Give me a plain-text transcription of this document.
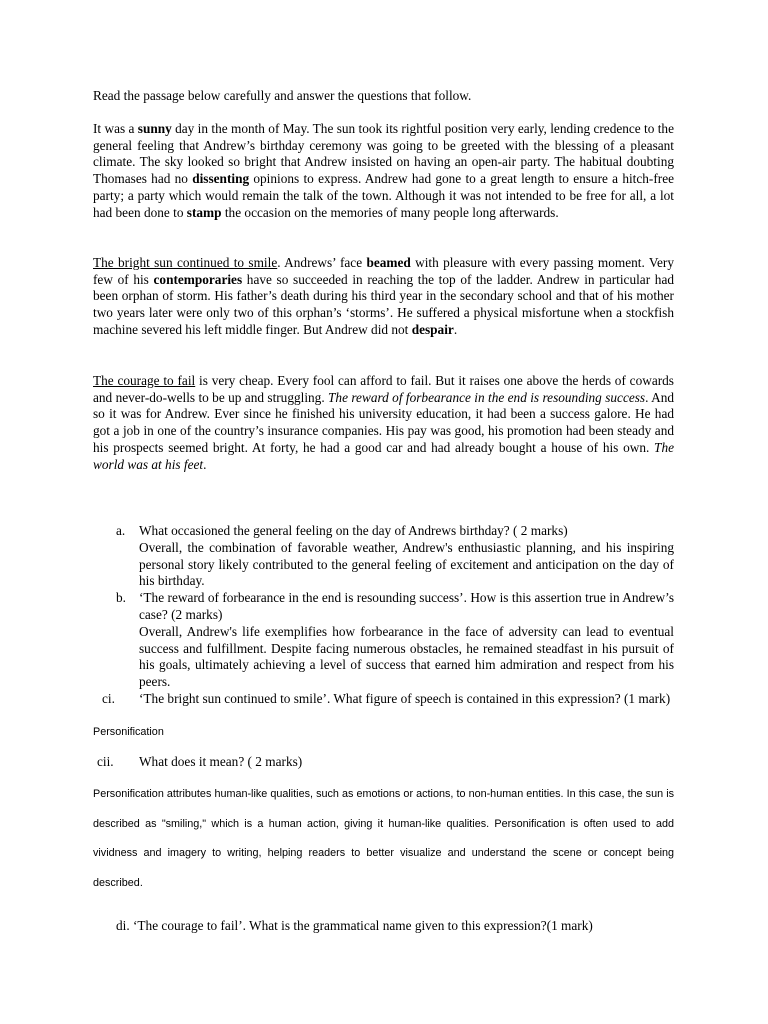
Read the passage below carefully and answer the questions that follow.

It was a sunny day in the month of May. The sun took its rightful position very early, lending credence to the general feeling that Andrew’s birthday ceremony was going to be greeted with the blessing of a pleasant climate. The sky looked so bright that Andrew insisted on having an open-air party. The habitual doubting Thomases had no dissenting opinions to express. Andrew had gone to a great length to ensure a hitch-free party; a party which would remain the talk of the town. Although it was not intended to be free for all, a lot had been done to stamp the occasion on the memories of many people long afterwards.

The bright sun continued to smile. Andrews’ face beamed with pleasure with every passing moment. Very few of his contemporaries have so succeeded in reaching the top of the ladder. Andrew in particular had been orphan of storm. His father’s death during his third year in the secondary school and that of his mother two years later were only two of this orphan’s ‘storms’. He suffered a physical misfortune when a stockfish machine severed his left middle finger. But Andrew did not despair.

The courage to fail is very cheap. Every fool can afford to fail. But it raises one above the herds of cowards and never-do-wells to be up and struggling. The reward of forbearance in the end is resounding success. And so it was for Andrew. Ever since he finished his university education, it had been a success galore. He had got a job in one of the country’s insurance companies. His pay was good, his promotion had been steady and his prospects seemed bright. At forty, he had a good car and had already bought a house of his own. The world was at his feet.

a. What occasioned the general feeling on the day of Andrews birthday? ( 2 marks)

Overall, the combination of favorable weather, Andrew's enthusiastic planning, and his inspiring personal story likely contributed to the general feeling of excitement and anticipation on the day of his birthday.

b. ‘The reward of forbearance in the end is resounding success’. How is this assertion true in Andrew’s case? (2 marks)

Overall, Andrew's life exemplifies how forbearance in the face of adversity can lead to eventual success and fulfillment. Despite facing numerous obstacles, he remained steadfast in his pursuit of his goals, ultimately achieving a level of success that earned him admiration and respect from his peers.

ci. ‘The bright sun continued to smile’. What figure of speech is contained in this expression? (1 mark)

Personification

cii. What does it mean? ( 2 marks)

Personification attributes human-like qualities, such as emotions or actions, to non-human entities. In this case, the sun is described as "smiling," which is a human action, giving it human-like qualities. Personification is often used to add vividness and imagery to writing, helping readers to better visualize and understand the scene or concept being described.

di. ‘The courage to fail’. What is the grammatical name given to this expression?(1 mark)
